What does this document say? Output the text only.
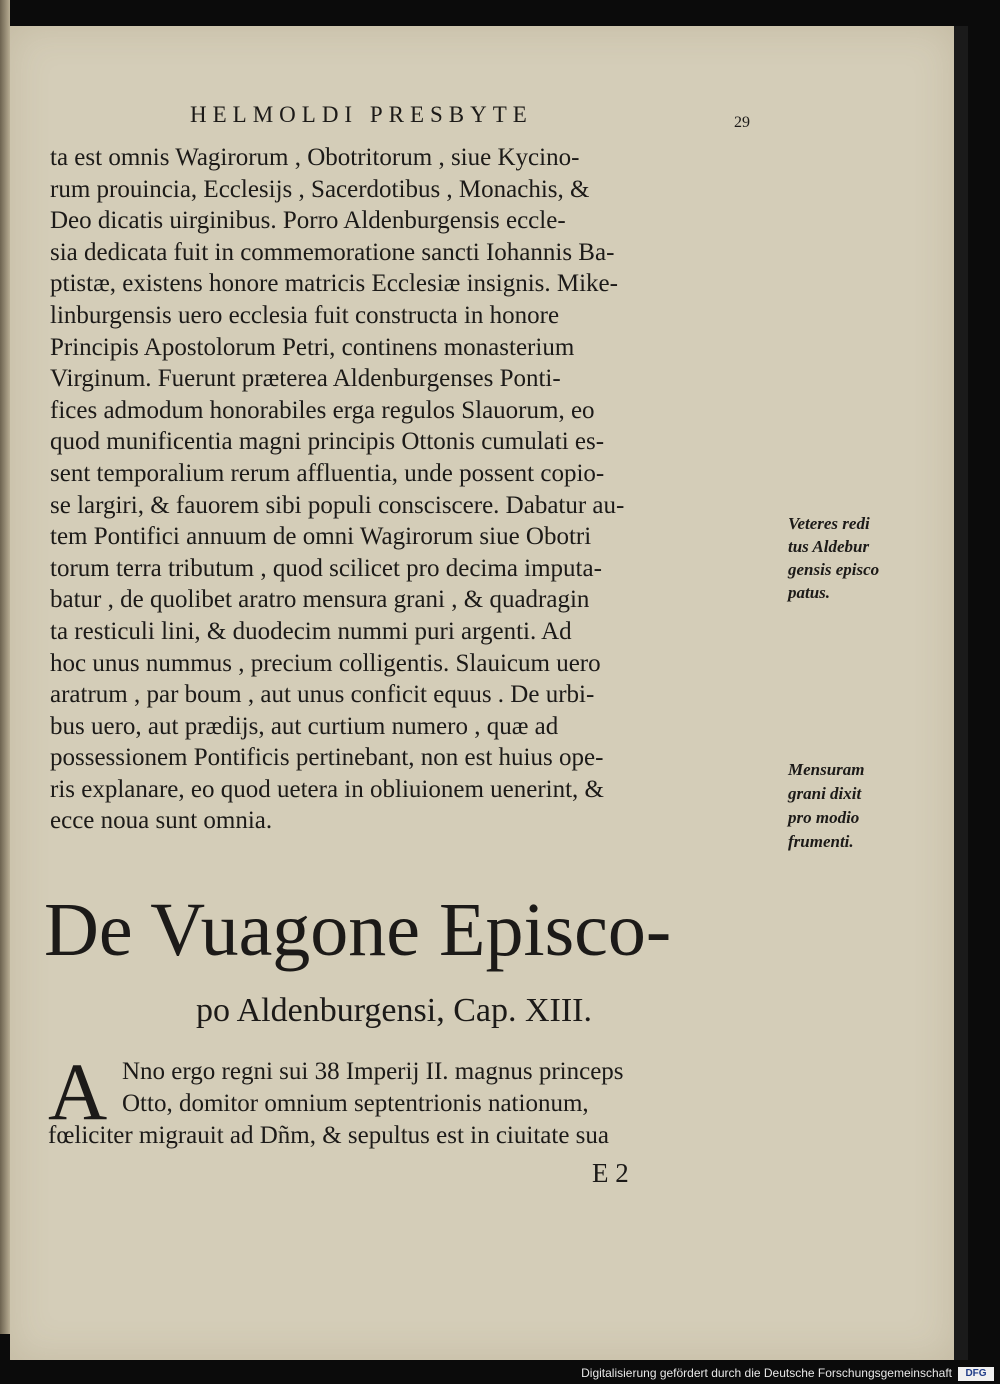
HELMOLDI PRESBYTE	29
ta est omnis Wagirorum , Obotritorum , siue Kycino-
rum prouincia, Ecclesijs , Sacerdotibus , Monachis, &
Deo dicatis uirginibus. Porro Aldenburgensis eccle-
sia dedicata fuit in commemoratione sancti Iohannis Ba-
ptistæ, existens honore matricis Ecclesiæ insignis. Mike-
linburgensis uero ecclesia fuit constructa in honore
Principis Apostolorum Petri, continens monasterium
Virginum. Fuerunt præterea Aldenburgenses Ponti-
fices admodum honorabiles erga regulos Slauorum, eo
quod munificentia magni principis Ottonis cumulati es-
sent temporalium rerum affluentia, unde possent copio-
se largiri, & fauorem sibi populi consciscere. Dabatur au-
tem Pontifici annuum de omni Wagirorum siue Obotri
torum terra tributum , quod scilicet pro decima imputa-
batur , de quolibet aratro mensura grani , & quadragin
ta resticuli lini, & duodecim nummi puri argenti. Ad
hoc unus nummus , precium colligentis. Slauicum uero
aratrum , par boum , aut unus conficit equus . De urbi-
bus uero, aut prædijs, aut curtium numero , quæ ad
possessionem Pontificis pertinebant, non est huius ope-
ris explanare, eo quod uetera in obliuionem uenerint, &
ecce noua sunt omnia.
Veteres redi
tus Aldebur
gensis episco
patus.
Mensuram
grani dixit
pro modio
frumenti.
De Vuagone Episco-
po Aldenburgensi, Cap. XIII.
A Nno ergo regni sui 38 Imperij II. magnus princeps
Otto, domitor omnium septentrionis nationum,
fœliciter migrauit ad Dñm, & sepultus est in ciuitate sua
E 2
Digitalisierung gefördert durch die Deutsche Forschungsgemeinschaft	DFG
